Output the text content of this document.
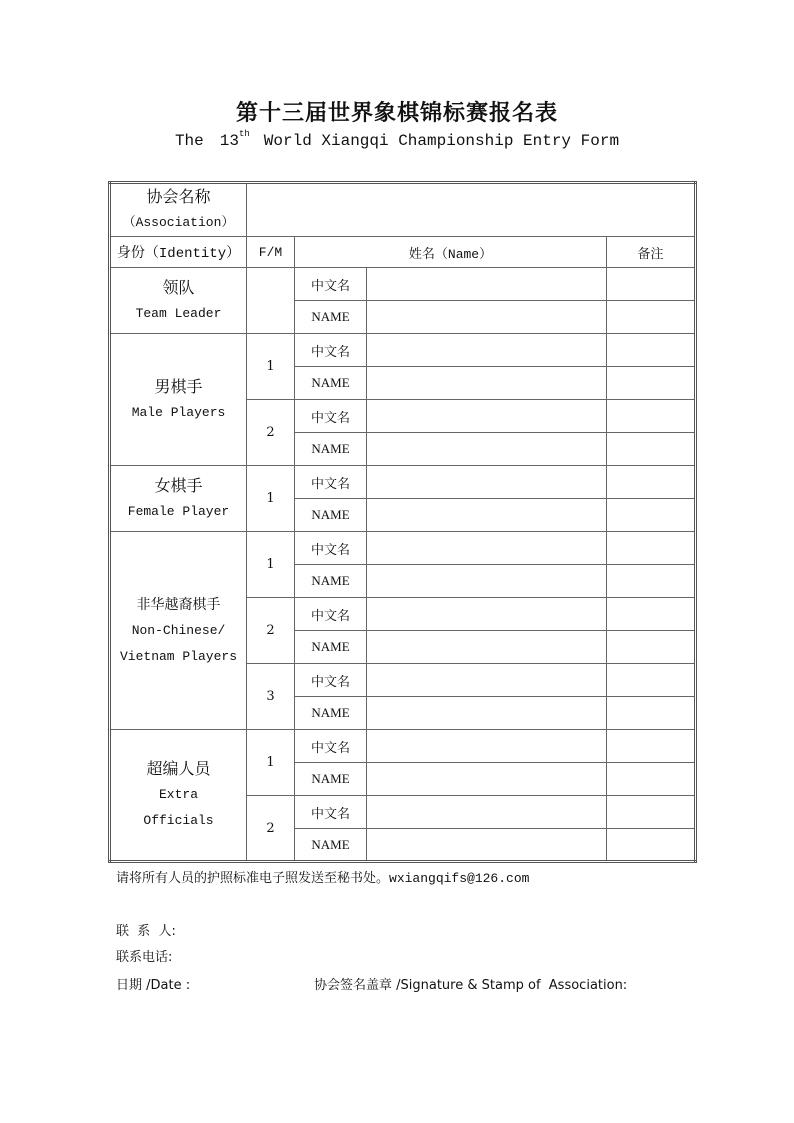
第十三届世界象棋锦标赛报名表
The 13th World Xiangqi Championship Entry Form
协会名称
（Association）				

身份（Identity）	F/M	姓名（Name）		备注

领队
Team Leader		中文名		
		NAME		

男棋手
Male Players	1	中文名		
		NAME		
	2	中文名		
		NAME		

女棋手
Female Player	1	中文名		
		NAME		

非华越裔棋手
Non-Chinese/
Vietnam Players	1	中文名		
		NAME		
	2	中文名		
		NAME		
	3	中文名		
		NAME		

超编人员
Extra
Officials	1	中文名		
		NAME		
	2	中文名		
		NAME		
请将所有人员的护照标准电子照发送至秘书处。wxiangqifs@126.com
联  系  人:
联系电话:
日期 /Date :	协会签名盖章 /Signature & Stamp of  Association:
